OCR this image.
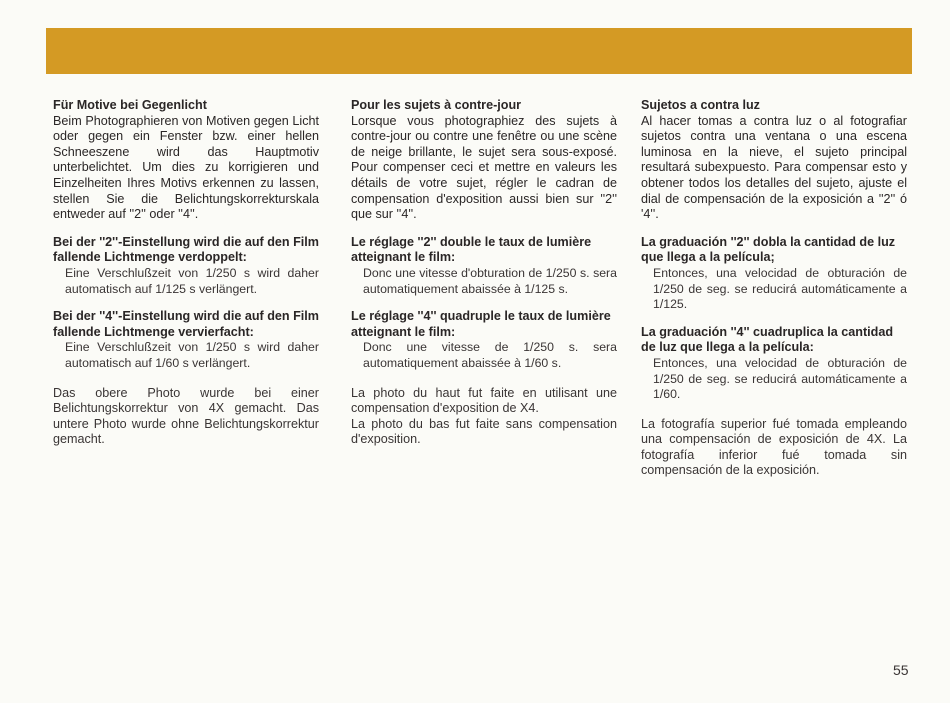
Für Motive bei Gegenlicht
Beim Photographieren von Motiven gegen Licht oder gegen ein Fenster bzw. einer hellen Schneeszene wird das Hauptmotiv unterbelichtet. Um dies zu korrigieren und Einzelheiten Ihres Motivs erkennen zu lassen, stellen Sie die Belichtungskorrekturskala entweder auf ''2'' oder ''4''.
Bei der ''2''-Einstellung wird die auf den Film fallende Lichtmenge verdoppelt:
Eine Verschlußzeit von 1/250 s wird daher automatisch auf 1/125 s verlängert.
Bei der ''4''-Einstellung wird die auf den Film fallende Lichtmenge vervierfacht:
Eine Verschlußzeit von 1/250 s wird daher automatisch auf 1/60 s verlängert.
Das obere Photo wurde bei einer Belichtungskorrektur von 4X gemacht. Das untere Photo wurde ohne Belichtungskorrektur gemacht.
Pour les sujets à contre-jour
Lorsque vous photographiez des sujets à contre-jour ou contre une fenêtre ou une scène de neige brillante, le sujet sera sous-exposé. Pour compenser ceci et mettre en valeurs les détails de votre sujet, régler le cadran de compensation d'exposition aussi bien sur ''2'' que sur ''4''.
Le réglage ''2'' double le taux de lumière atteignant le film:
Donc une vitesse d'obturation de 1/250 s. sera automatiquement abaissée à 1/125 s.
Le réglage ''4'' quadruple le taux de lumière atteignant le film:
Donc une vitesse de 1/250 s. sera automatiquement abaissée à 1/60 s.
La photo du haut fut faite en utilisant une compensation d'exposition de X4.
La photo du bas fut faite sans compensation d'exposition.
Sujetos a contra luz
Al hacer tomas a contra luz o al fotografiar sujetos contra una ventana o una escena luminosa en la nieve, el sujeto principal resultará subexpuesto. Para compensar esto y obtener todos los detalles del sujeto, ajuste el dial de compensación de la exposición a ''2'' ó '4''.
La graduación ''2'' dobla la cantidad de luz que llega a la película;
Entonces, una velocidad de obturación de 1/250 de seg. se reducirá automáticamente a 1/125.
La graduación ''4'' cuadruplica la cantidad de luz que llega a la película:
Entonces, una velocidad de obturación de 1/250 de seg. se reducirá automáticamente a 1/60.
La fotografía superior fué tomada empleando una compensación de exposición de 4X. La fotografía inferior fué tomada sin compensación de la exposición.
55
